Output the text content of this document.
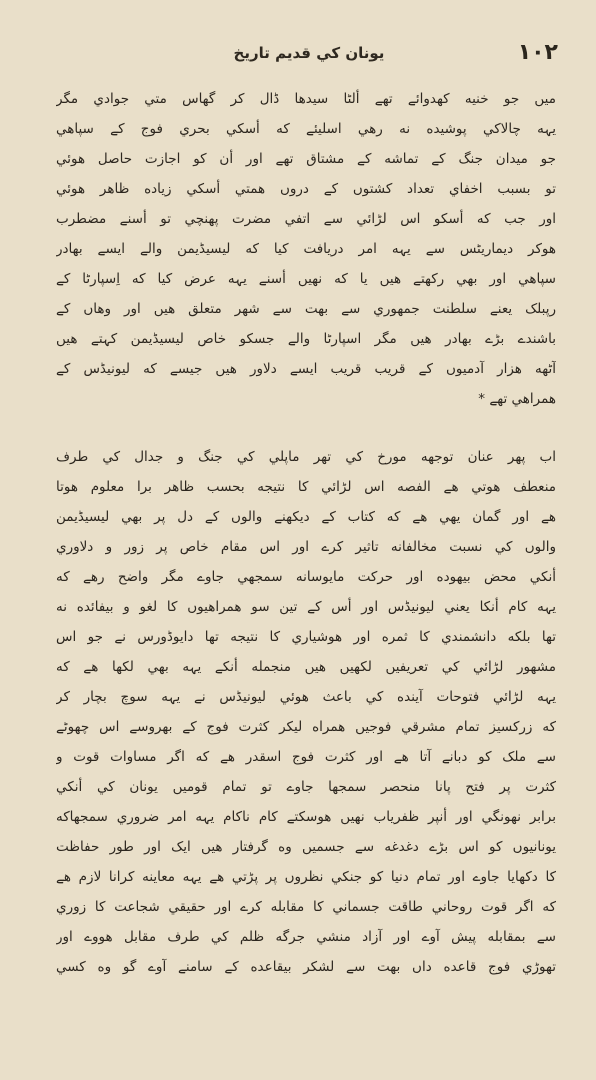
١٠٢
یونان کي قدیم تاریخ

میں جو خنیه کهدوائے تهے ألٹا سیدها ڈال کر گهاس متي جوادي مگر

یہه چالاکي پوشیده نه رهي اسلیئے که أسکي بحري فوج کے سپاهي

جو میدان جنگ کے تماشه کے مشتاق تهے اور أن کو اجازت حاصل هوئي

تو بسبب اخفاي تعداد کشتوں کے دروں همتي أسکي زیاده ظاهر هوئي

اور جب که أسکو اس لڑائي سے اتفي مضرت پهنچي تو أسنے مضطرب

هوکر دیماریٹس سے یہه امر دریافت کیا که لیسیڈیمن والے ایسے بهادر

سپاهي اور بهي رکهتے هیں یا که نهیں أسنے یہه عرض کیا که اِسپارٹا کے

رپبلک یعنے سلطنت جمهوري سے بهت سے شهر متعلق هیں اور وهاں کے

باشندے بڑے بهادر هیں مگر اسپارٹا والے جسکو خاص لیسیڈیمن کہتے هیں

آٹهه هزار آدمیوں کے قریب قریب ایسے دلاور هیں جیسے که لیونیڈس کے

همراهي تهے *

اب پهر عنان توجهه مورخ کي تهر ماپلي کي جنگ و جدال کي طرف

منعطف هوتي هے الفصه اس لڑائي کا نتیجه بحسب ظاهر برا معلوم هوتا

هے اور گمان یهي هے که کتاب کے دیکهنے والوں کے دل پر بهي لیسیڈیمن

والوں کي نسبت مخالفانه تاثیر کرے اور اس مقام خاص پر زور و دلاوري

أنکي محض بیهوده اور حرکت مایوسانه سمجهي جاوے مگر واضح رهے که

یہه کام أنکا یعني لیونیڈس اور أس کے تین سو همراهیوں کا لغو و بیفائده نه

تها بلکه دانشمندي کا ثمره اور هوشیاري کا نتیجه تها دایوڈورس نے جو اس

مشهور لڑائي کي تعریفیں لکهیں هیں منجمله أنکے یہه بهي لکها هے که

یہه لڑائي فتوحات آینده کي باعث هوئي لیونیڈس نے یہه سوچ بچار کر

که زرکسیز تمام مشرقي فوجیں همراه لیکر کثرت فوج کے بهروسے اس چهوٹے

سے ملک کو دبانے آتا هے اور کثرت فوج اسقدر هے که اگر مساوات قوت و

کثرت پر فتح پانا منحصر سمجها جاوے تو تمام قومیں یونان کي أنکي

برابر نهونگي اور أنپر ظفریاب نهیں هوسکتے کام ناکام یہه امر ضروري سمجهاکه

یونانیوں کو اس بڑے دغدغه سے جسمیں وه گرفتار هیں ایک اور طور حفاظت

کا دکهایا جاوے اور تمام دنیا کو جنکي نظروں پر پڑتي هے یہه معاینه کرانا لازم هے

که اگر قوت روحاني طاقت جسماني کا مقابله کرے اور حقیقي شجاعت کا زوري

سے بمقابله پیش آوے اور آزاد منشي جرگه ظلم کي طرف مقابل هووے اور

تهوڑي فوج قاعده داں بهت سے لشکر بیقاعده کے سامنے آوے گو وه کسي
